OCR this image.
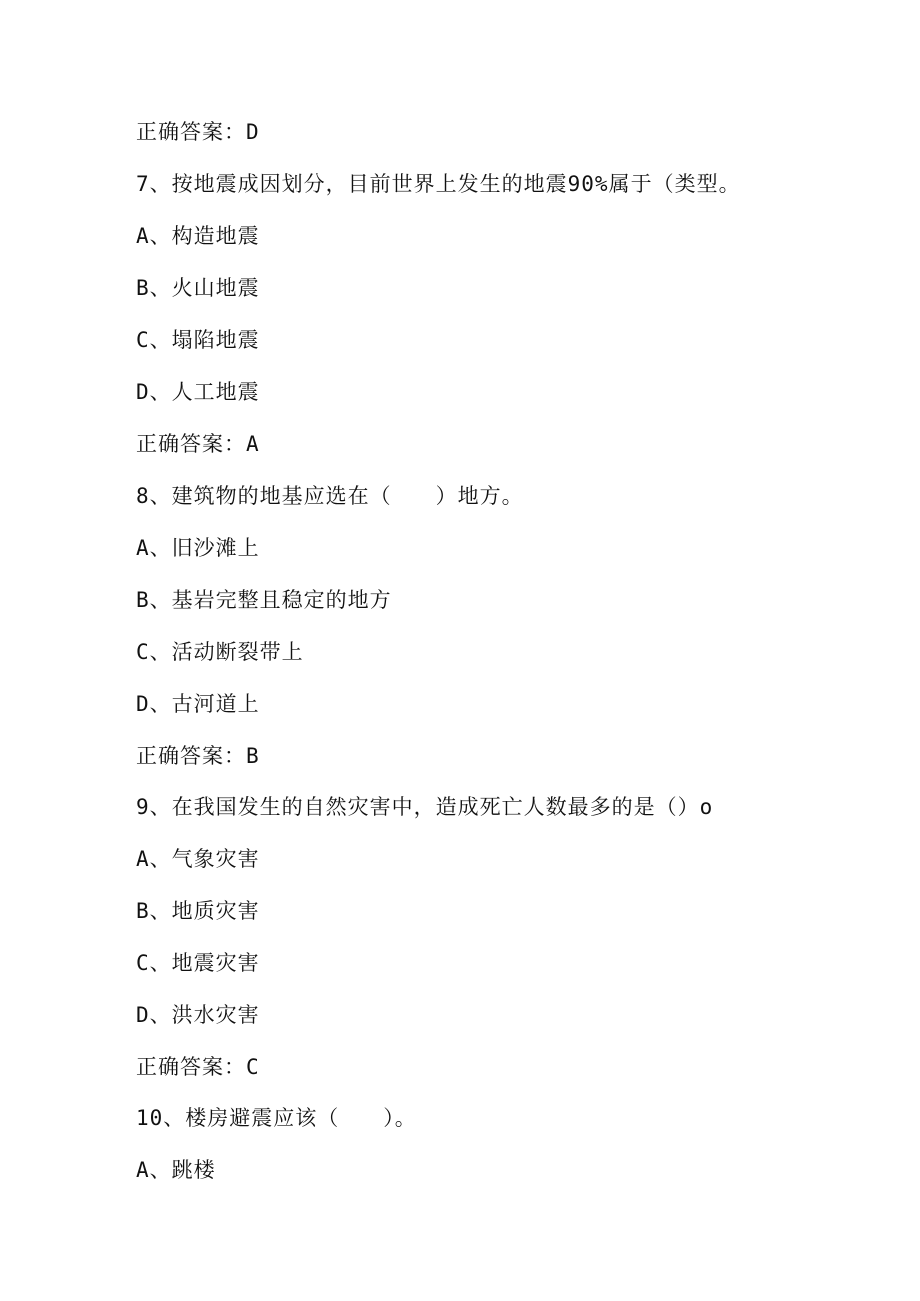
正确答案：D
7、按地震成因划分，目前世界上发生的地震90%属于（类型。
A、构造地震
B、火山地震
C、塌陷地震
D、人工地震
正确答案：A
8、建筑物的地基应选在（　　）地方。
A、旧沙滩上
B、基岩完整且稳定的地方
C、活动断裂带上
D、古河道上
正确答案：B
9、在我国发生的自然灾害中，造成死亡人数最多的是（）o
A、气象灾害
B、地质灾害
C、地震灾害
D、洪水灾害
正确答案：C
10、楼房避震应该（　　）。
A、跳楼
